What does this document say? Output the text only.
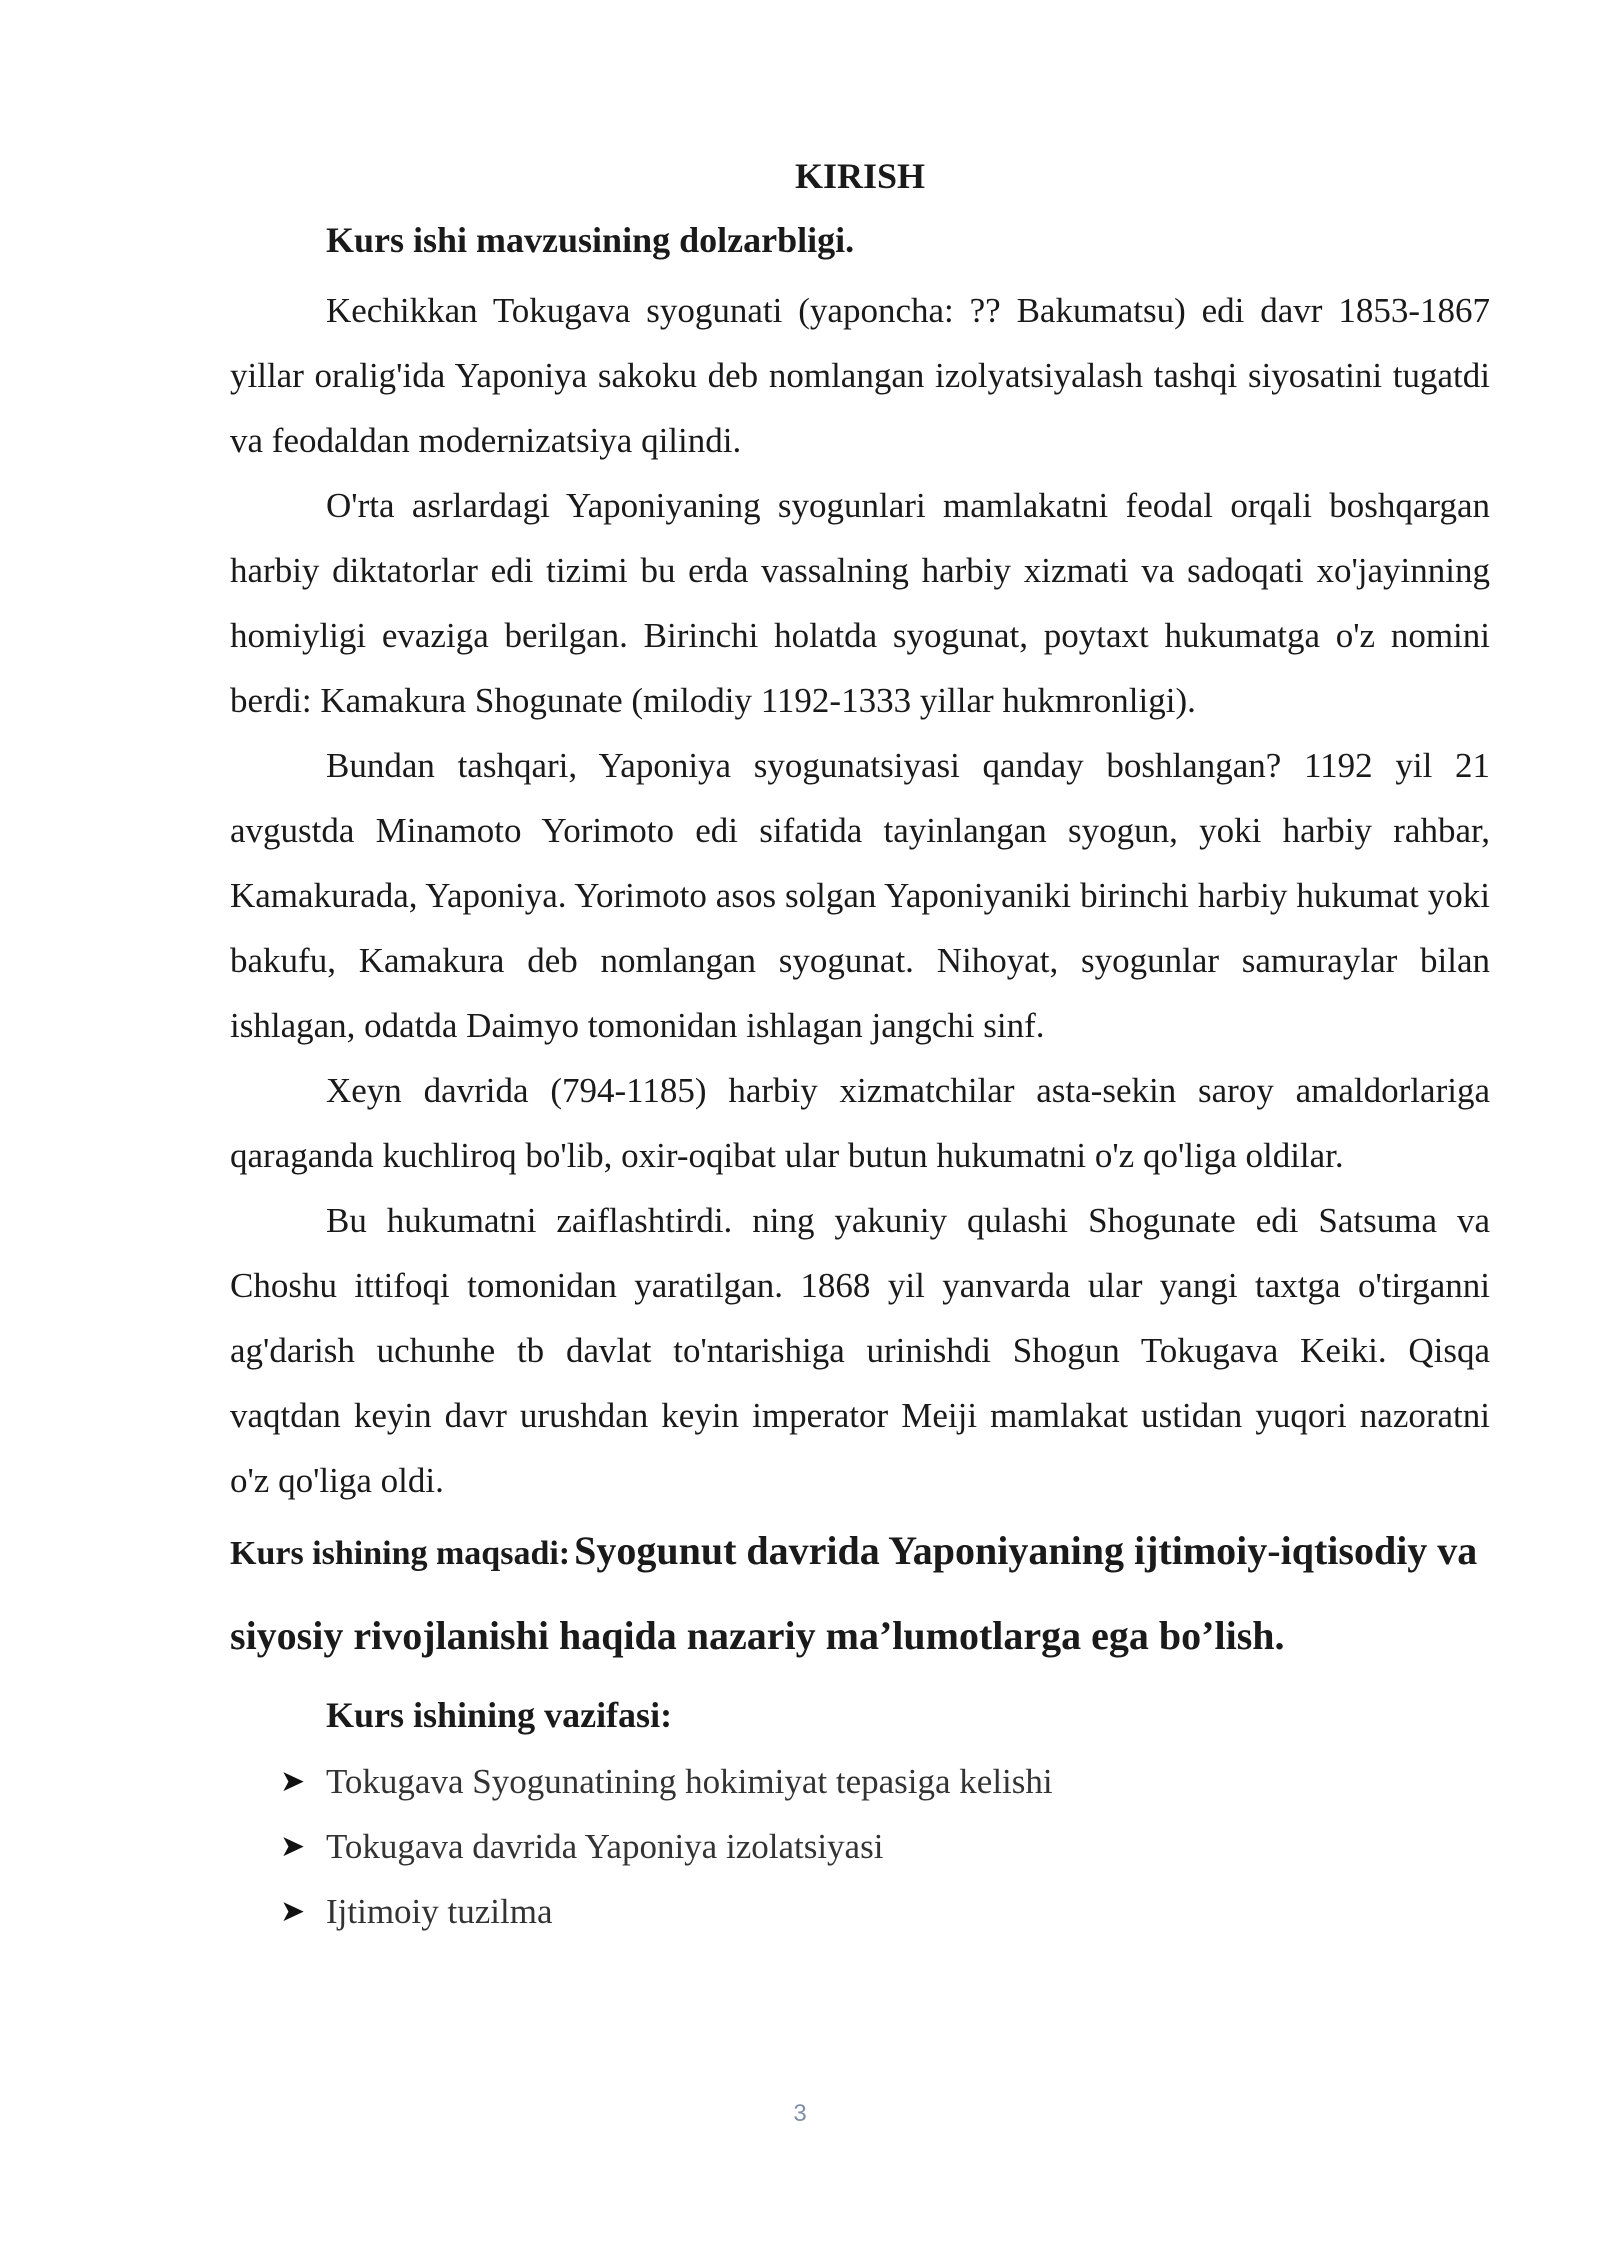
KIRISH
Kurs ishi mavzusining dolzarbligi.

Kechikkan Tokugava syogunati (yaponcha: ?? Bakumatsu) edi davr 1853-1867 yillar oralig'ida Yaponiya sakoku deb nomlangan izolyatsiyalash tashqi siyosatini tugatdi va feodaldan modernizatsiya qilindi.

O'rta asrlardagi Yaponiyaning syogunlari mamlakatni feodal orqali boshqargan harbiy diktatorlar edi tizimi bu erda vassalning harbiy xizmati va sadoqati xo'jayinning homiyligi evaziga berilgan. Birinchi holatda syogunat, poytaxt hukumatga o'z nomini berdi: Kamakura Shogunate (milodiy 1192-1333 yillar hukmronligi).

Bundan tashqari, Yaponiya syogunatsiyasi qanday boshlangan? 1192 yil 21 avgustda Minamoto Yorimoto edi sifatida tayinlangan syogun, yoki harbiy rahbar, Kamakurada, Yaponiya. Yorimoto asos solgan Yaponiyaniki birinchi harbiy hukumat yoki bakufu, Kamakura deb nomlangan syogunat. Nihoyat, syogunlar samuraylar bilan ishlagan, odatda Daimyo tomonidan ishlagan jangchi sinf.

Xeyn davrida (794-1185) harbiy xizmatchilar asta-sekin saroy amaldorlariga qaraganda kuchliroq bo'lib, oxir-oqibat ular butun hukumatni o'z qo'liga oldilar.

Bu hukumatni zaiflashtirdi. ning yakuniy qulashi Shogunate edi Satsuma va Choshu ittifoqi tomonidan yaratilgan. 1868 yil yanvarda ular yangi taxtga o'tirganni ag'darish uchunhe tb davlat to'ntarishiga urinishdi Shogun Tokugava Keiki. Qisqa vaqtdan keyin davr urushdan keyin imperator Meiji mamlakat ustidan yuqori nazoratni o'z qo'liga oldi.

Kurs ishining maqsadi: Syogunut davrida Yaponiyaning ijtimoiy-iqtisodiy va siyosiy rivojlanishi haqida nazariy ma’lumotlarga ega bo’lish.

Kurs ishining vazifasi:
➤ Tokugava Syogunatining hokimiyat tepasiga kelishi
➤ Tokugava davrida Yaponiya izolatsiyasi
➤ Ijtimoiy tuzilma
3
